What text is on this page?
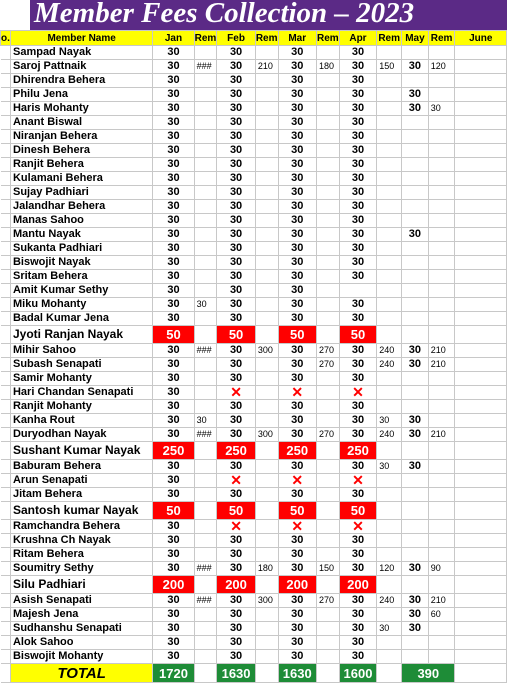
Member Fees Collection – 2023
o.	Member Name	Jan	Rem	Feb	Rem	Mar	Rem	Apr	Rem	May	Rem	June
	Sampad Nayak	30		30		30		30				
	Saroj Pattnaik	30	###	30	210	30	180	30	150	30	120	
	Dhirendra Behera	30		30		30		30				
	Philu Jena	30		30		30		30		30		
	Haris Mohanty	30		30		30		30		30	30	
	Anant Biswal	30		30		30		30				
	Niranjan Behera	30		30		30		30				
	Dinesh Behera	30		30		30		30				
	Ranjit Behera	30		30		30		30				
	Kulamani Behera	30		30		30		30				
	Sujay Padhiari	30		30		30		30				
	Jalandhar Behera	30		30		30		30				
	Manas Sahoo	30		30		30		30				
	Mantu Nayak	30		30		30		30		30		
	Sukanta Padhiari	30		30		30		30				
	Biswojit Nayak	30		30		30		30				
	Sritam Behera	30		30		30		30				
	Amit Kumar Sethy	30		30		30						
	Miku Mohanty	30	30	30		30		30				
	Badal Kumar Jena	30		30		30		30				
	Jyoti Ranjan Nayak	50		50		50		50				
	Mihir Sahoo	30	###	30	300	30	270	30	240	30	210	
	Subash Senapati	30		30		30	270	30	240	30	210	
	Samir Mohanty	30		30		30		30				
	Hari Chandan Senapati	30		✕		✕		✕				
	Ranjit Mohanty	30		30		30		30				
	Kanha Rout	30	30	30		30		30	30	30		
	Duryodhan Nayak	30	###	30	300	30	270	30	240	30	210	
	Sushant Kumar Nayak	250		250		250		250				
	Baburam Behera	30		30		30		30	30	30		
	Arun Senapati	30		✕		✕		✕				
	Jitam Behera	30		30		30		30				
	Santosh kumar Nayak	50		50		50		50				
	Ramchandra Behera	30		✕		✕		✕				
	Krushna Ch Nayak	30		30		30		30				
	Ritam Behera	30		30		30		30				
	Soumitry Sethy	30	###	30	180	30	150	30	120	30	90	
	Silu Padhiari	200		200		200		200				
	Asish Senapati	30	###	30	300	30	270	30	240	30	210	
	Majesh Jena	30		30		30		30		30	60	
	Sudhanshu Senapati	30		30		30		30	30	30		
	Alok Sahoo	30		30		30		30				
	Biswojit Mohanty	30		30		30		30				
	TOTAL	1720		1630		1630		1600		390		
